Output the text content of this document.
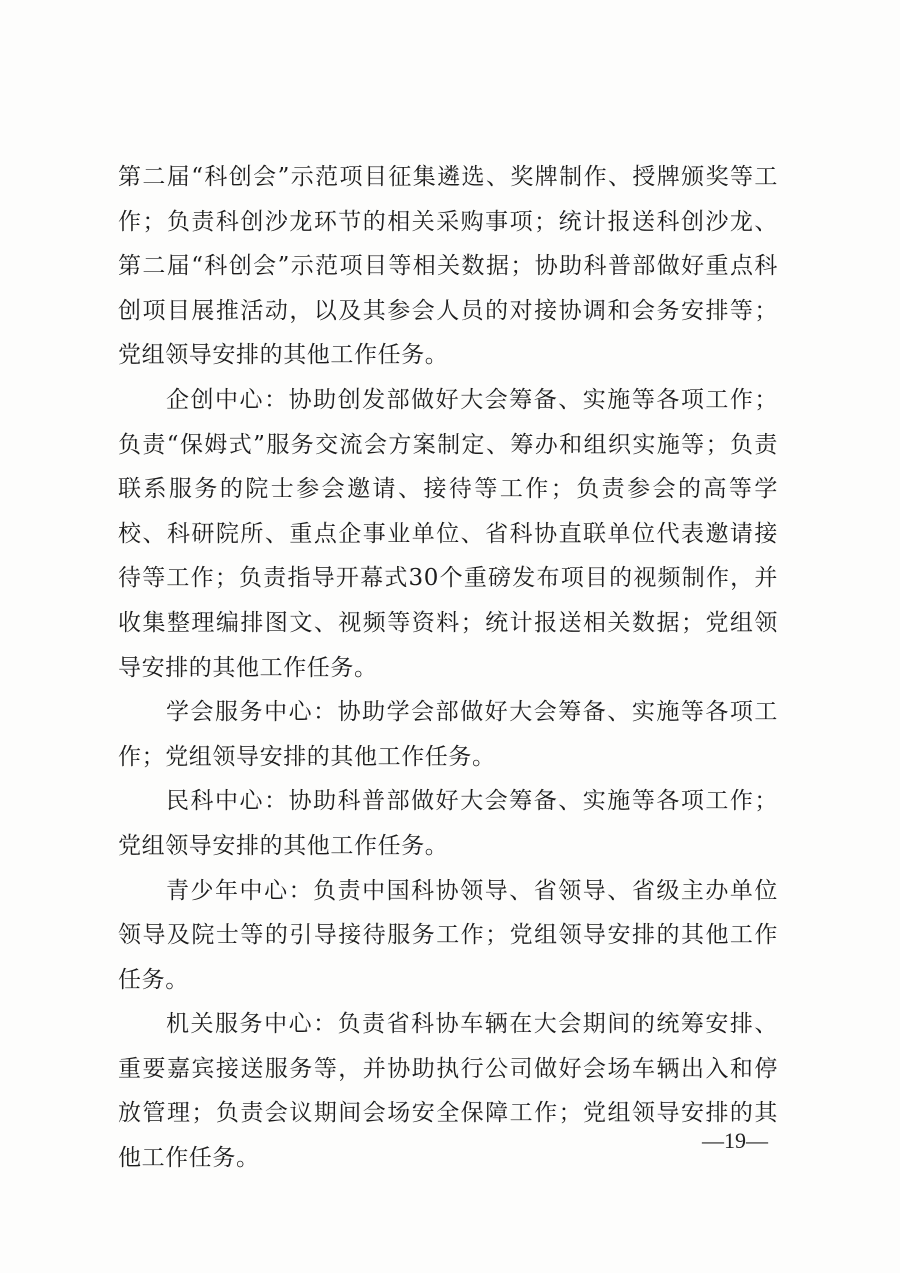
第二届“科创会”示范项目征集遴选、奖牌制作、授牌颁奖等工作；负责科创沙龙环节的相关采购事项；统计报送科创沙龙、第二届“科创会”示范项目等相关数据；协助科普部做好重点科创项目展推活动，以及其参会人员的对接协调和会务安排等；党组领导安排的其他工作任务。

企创中心：协助创发部做好大会筹备、实施等各项工作；负责“保姆式”服务交流会方案制定、筹办和组织实施等；负责联系服务的院士参会邀请、接待等工作；负责参会的高等学校、科研院所、重点企事业单位、省科协直联单位代表邀请接待等工作；负责指导开幕式30个重磅发布项目的视频制作，并收集整理编排图文、视频等资料；统计报送相关数据；党组领导安排的其他工作任务。

学会服务中心：协助学会部做好大会筹备、实施等各项工作；党组领导安排的其他工作任务。

民科中心：协助科普部做好大会筹备、实施等各项工作；党组领导安排的其他工作任务。

青少年中心：负责中国科协领导、省领导、省级主办单位领导及院士等的引导接待服务工作；党组领导安排的其他工作任务。

机关服务中心：负责省科协车辆在大会期间的统筹安排、重要嘉宾接送服务等，并协助执行公司做好会场车辆出入和停放管理；负责会议期间会场安全保障工作；党组领导安排的其他工作任务。

—19—
